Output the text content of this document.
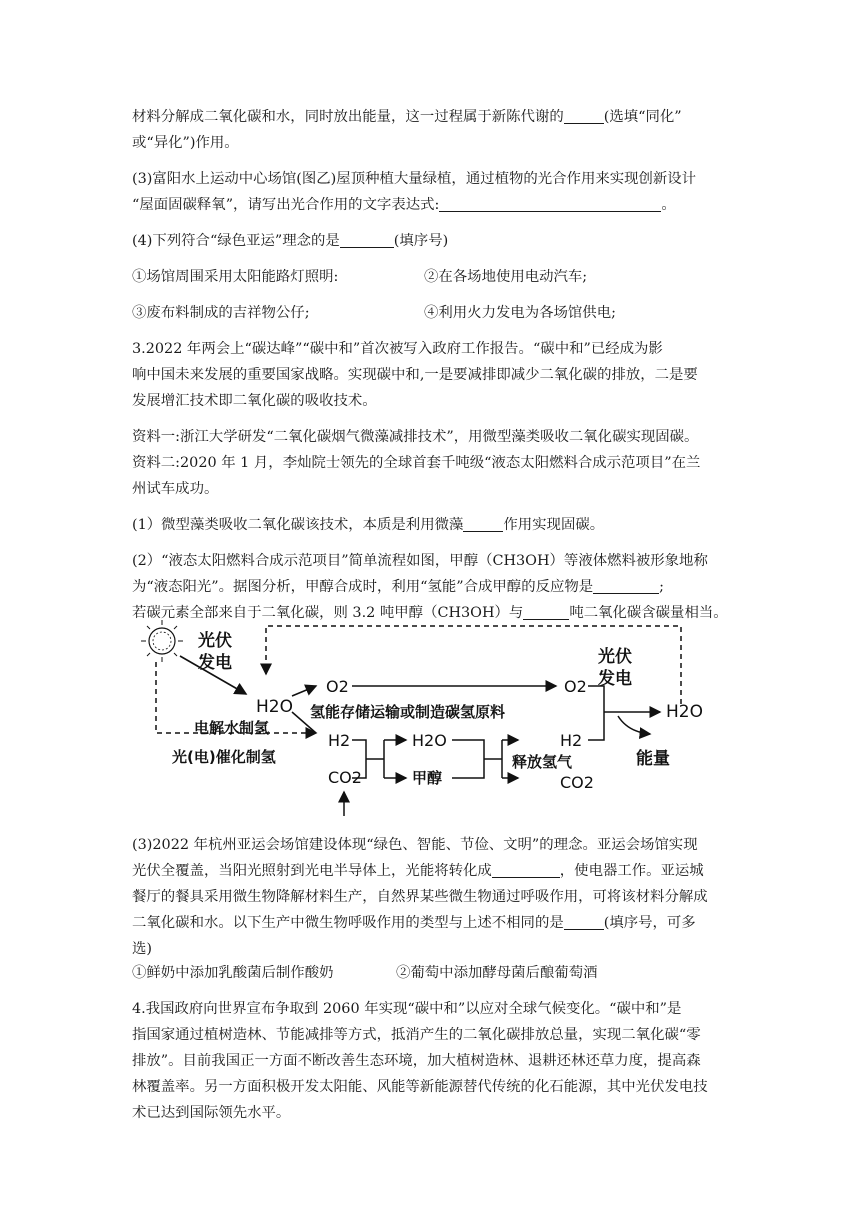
材料分解成二氧化碳和水，同时放出能量，这一过程属于新陈代谢的	(选填“同化”

或“异化”)作用。

(3)富阳水上运动中心场馆(图乙)屋顶种植大量绿植，通过植物的光合作用来实现创新设计

“屋面固碳释氧”，请写出光合作用的文字表达式:	。

(4)下列符合“绿色亚运”理念的是	(填序号)

①场馆周围采用太阳能路灯照明:	②在各场地使用电动汽车;
③废布料制成的吉祥物公仔;	④利用火力发电为各场馆供电;

3.2022 年两会上“碳达峰”“碳中和”首次被写入政府工作报告。“碳中和”已经成为影

响中国未来发展的重要国家战略。实现碳中和,一是要减排即减少二氧化碳的排放，二是要

发展增汇技术即二氧化碳的吸收技术。

资料一:浙江大学研发“二氧化碳烟气微藻减排技术”，用微型藻类吸收二氧化碳实现固碳。

资料二:2020 年 1 月，李灿院士领先的全球首套千吨级“液态太阳燃料合成示范项目”在兰

州试车成功。

(1）微型藻类吸收二氧化碳该技术，本质是利用微藻	作用实现固碳。

(2）“液态太阳燃料合成示范项目”简单流程如图，甲醇（CH3OH）等液体燃料被形象地称

为“液态阳光”。据图分析，甲醇合成时，利用“氢能”合成甲醇的反应物是	;

若碳元素全部来自于二氧化碳，则 3.2 吨甲醇（CH3OH）与	吨二氧化碳含碳量相当。

光伏
发电
H2O
O2
氢能存储运输或制造碳氢原料
O2
电解水制氢
光(电)催化制氢
H2
CO2
H2O
甲醇
H2
释放氢气
CO2
光伏
发电
H2O
能量

(3)2022 年杭州亚运会场馆建设体现“绿色、智能、节俭、文明”的理念。亚运会场馆实现

光伏全覆盖，当阳光照射到光电半导体上，光能将转化成	，使电器工作。亚运城

餐厅的餐具采用微生物降解材料生产，自然界某些微生物通过呼吸作用，可将该材料分解成

二氧化碳和水。以下生产中微生物呼吸作用的类型与上述不相同的是	(填序号，可多

选)

①鲜奶中添加乳酸菌后制作酸奶	②葡萄中添加酵母菌后酿葡萄酒

4.我国政府向世界宣布争取到 2060 年实现“碳中和”以应对全球气候变化。“碳中和”是

指国家通过植树造林、节能减排等方式，抵消产生的二氧化碳排放总量，实现二氧化碳“零

排放”。目前我国正一方面不断改善生态环境，加大植树造林、退耕还林还草力度，提高森

林覆盖率。另一方面积极开发太阳能、风能等新能源替代传统的化石能源，其中光伏发电技

术已达到国际领先水平。
